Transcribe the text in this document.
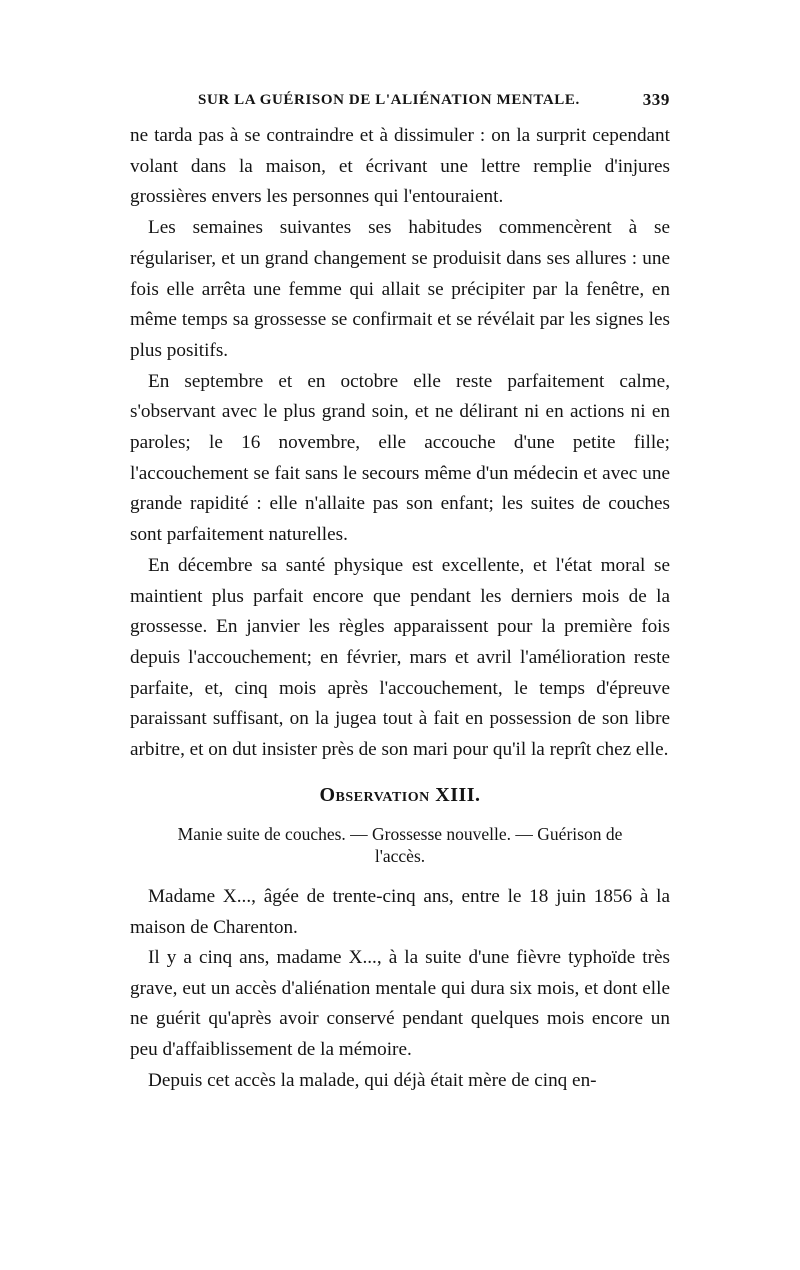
SUR LA GUÉRISON DE L'ALIÉNATION MENTALE.	339

ne tarda pas à se contraindre et à dissimuler : on la surprit cependant volant dans la maison, et écrivant une lettre remplie d'injures grossières envers les personnes qui l'entouraient.

Les semaines suivantes ses habitudes commencèrent à se régulariser, et un grand changement se produisit dans ses allures : une fois elle arrêta une femme qui allait se précipiter par la fenêtre, en même temps sa grossesse se confirmait et se révélait par les signes les plus positifs.

En septembre et en octobre elle reste parfaitement calme, s'observant avec le plus grand soin, et ne délirant ni en actions ni en paroles; le 16 novembre, elle accouche d'une petite fille; l'accouchement se fait sans le secours même d'un médecin et avec une grande rapidité : elle n'allaite pas son enfant; les suites de couches sont parfaitement naturelles.

En décembre sa santé physique est excellente, et l'état moral se maintient plus parfait encore que pendant les derniers mois de la grossesse. En janvier les règles apparaissent pour la première fois depuis l'accouchement; en février, mars et avril l'amélioration reste parfaite, et, cinq mois après l'accouchement, le temps d'épreuve paraissant suffisant, on la jugea tout à fait en possession de son libre arbitre, et on dut insister près de son mari pour qu'il la reprît chez elle.

Observation XIII.
Manie suite de couches. — Grossesse nouvelle. — Guérison de l'accès.

Madame X..., âgée de trente-cinq ans, entre le 18 juin 1856 à la maison de Charenton.

Il y a cinq ans, madame X..., à la suite d'une fièvre typhoïde très grave, eut un accès d'aliénation mentale qui dura six mois, et dont elle ne guérit qu'après avoir conservé pendant quelques mois encore un peu d'affaiblissement de la mémoire.

Depuis cet accès la malade, qui déjà était mère de cinq en-
